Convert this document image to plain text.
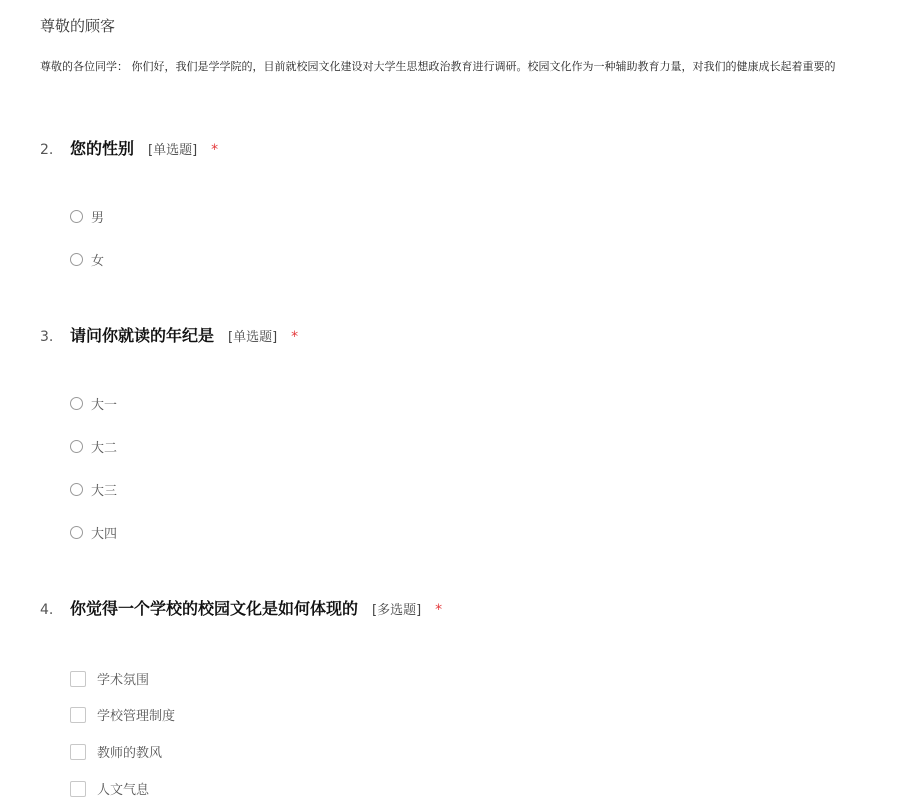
尊敬的顾客
尊敬的各位同学： 你们好，我们是学学院的，目前就校园文化建设对大学生思想政治教育进行调研。校园文化作为一种辅助教育力量，对我们的健康成长起着重要的
2.	您的性别 [单选题] *
男
女
3.	请问你就读的年纪是 [单选题] *
大一
大二
大三
大四
4.	你觉得一个学校的校园文化是如何体现的 [多选题] *
学术氛围
学校管理制度
教师的教风
人文气息
